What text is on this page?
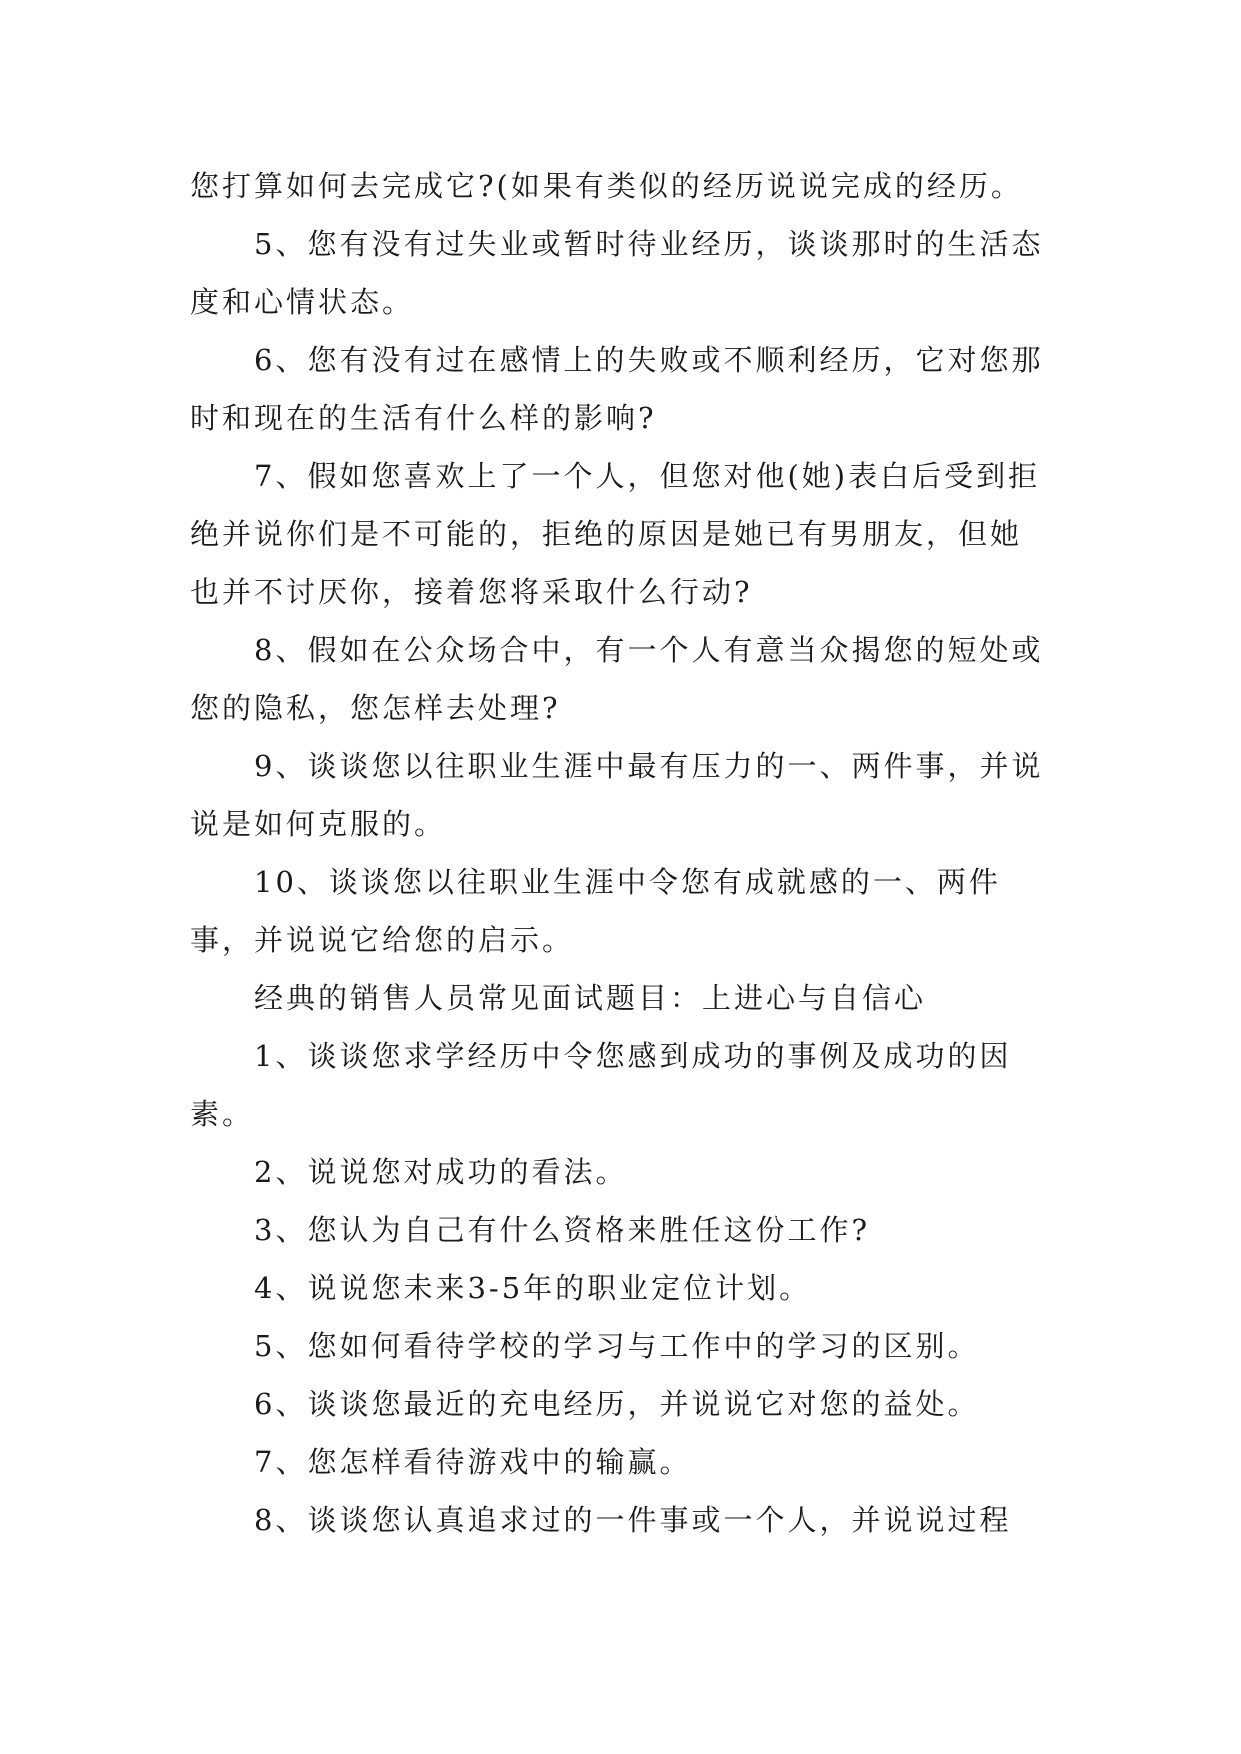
您打算如何去完成它?(如果有类似的经历说说完成的经历。

5、您有没有过失业或暂时待业经历，谈谈那时的生活态度和心情状态。

6、您有没有过在感情上的失败或不顺利经历，它对您那时和现在的生活有什么样的影响?

7、假如您喜欢上了一个人，但您对他(她)表白后受到拒绝并说你们是不可能的，拒绝的原因是她已有男朋友，但她也并不讨厌你，接着您将采取什么行动?

8、假如在公众场合中，有一个人有意当众揭您的短处或您的隐私，您怎样去处理?

9、谈谈您以往职业生涯中最有压力的一、两件事，并说说是如何克服的。

10、谈谈您以往职业生涯中令您有成就感的一、两件事，并说说它给您的启示。

经典的销售人员常见面试题目：上进心与自信心

1、谈谈您求学经历中令您感到成功的事例及成功的因素。

2、说说您对成功的看法。

3、您认为自己有什么资格来胜任这份工作?

4、说说您未来3-5年的职业定位计划。

5、您如何看待学校的学习与工作中的学习的区别。

6、谈谈您最近的充电经历，并说说它对您的益处。

7、您怎样看待游戏中的输赢。

8、谈谈您认真追求过的一件事或一个人，并说说过程
